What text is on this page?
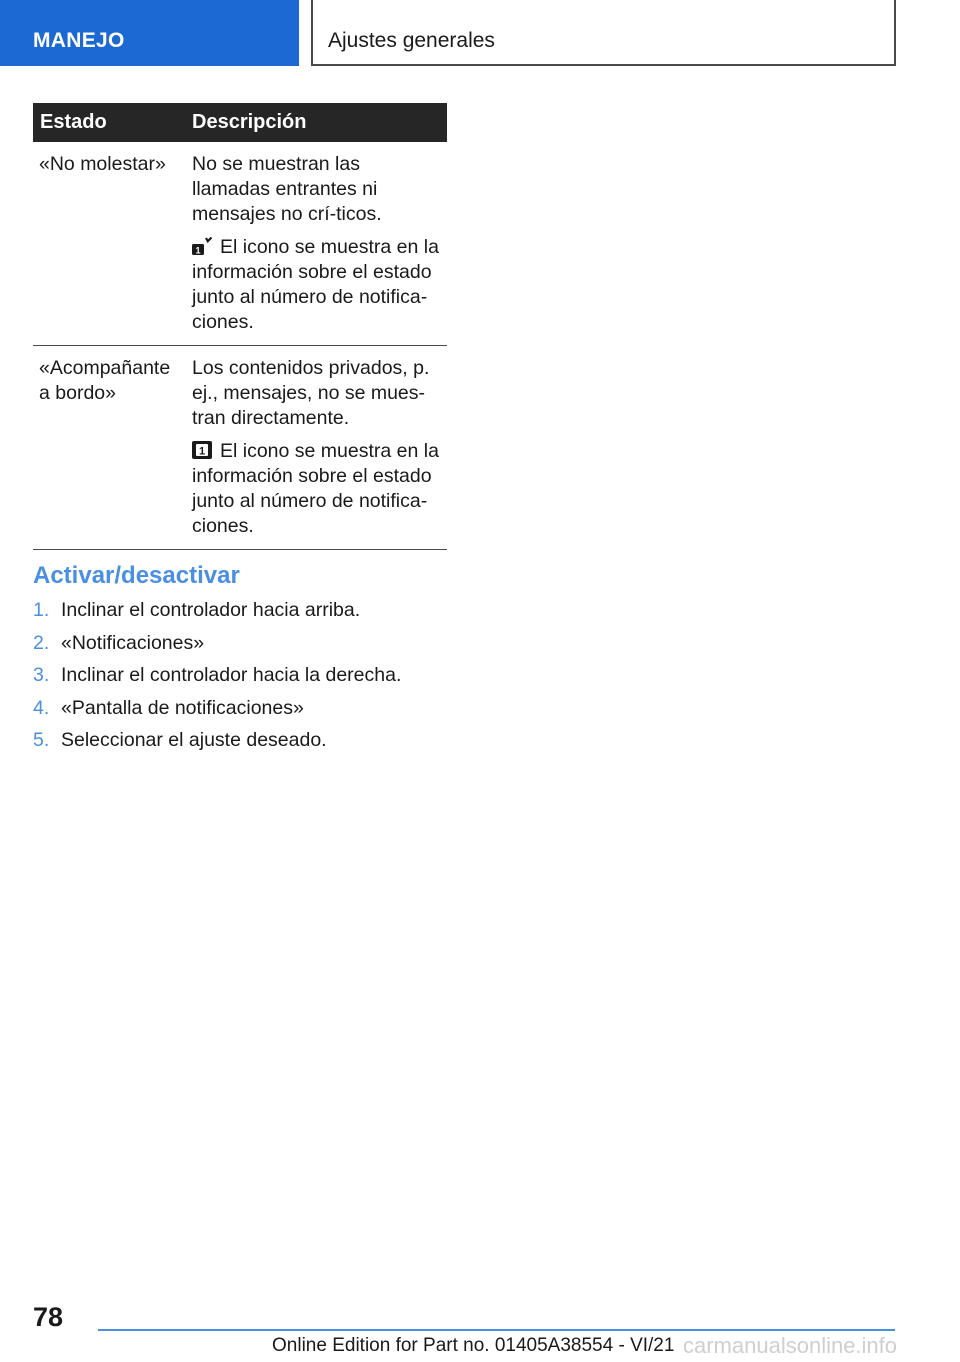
MANEJO	Ajustes generales
Estado	Descripción
«No molestar»	No se muestran las llamadas entrantes ni mensajes no crí-ticos.

1 El icono se muestra en la información sobre el estado junto al número de notifica-ciones.

«Acompañante a bordo»	Los contenidos privados, p. ej., mensajes, no se mues-tran directamente.

1 El icono se muestra en la información sobre el estado junto al número de notifica-ciones.

Activar/desactivar
1. Inclinar el controlador hacia arriba.
2. «Notificaciones»
3. Inclinar el controlador hacia la derecha.
4. «Pantalla de notificaciones»
5. Seleccionar el ajuste deseado.
78
Online Edition for Part no. 01405A38554 - VI/21 carmanualsonline.info
